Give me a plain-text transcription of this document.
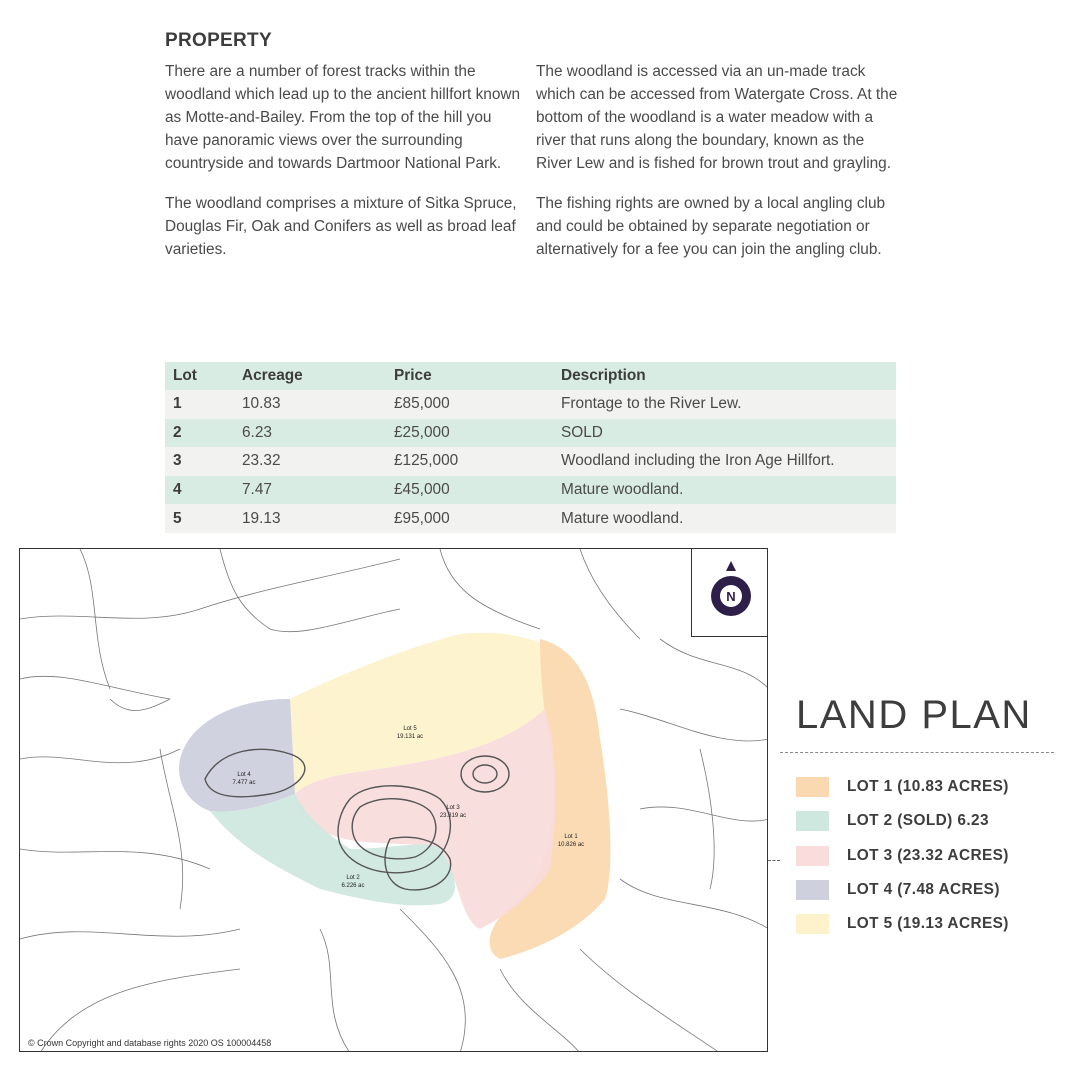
PROPERTY

There are a number of forest tracks within the woodland which lead up to the ancient hillfort known as Motte-and-Bailey. From the top of the hill you have panoramic views over the surrounding countryside and towards Dartmoor National Park.

The woodland comprises a mixture of Sitka Spruce, Douglas Fir, Oak and Conifers as well as broad leaf varieties.

The woodland is accessed via an un-made track which can be accessed from Watergate Cross. At the bottom of the woodland is a water meadow with a river that runs along the boundary, known as the River Lew and is fished for brown trout and grayling.

The fishing rights are owned by a local angling club and could be obtained by separate negotiation or alternatively for a fee you can join the angling club.

Lot	Acreage	Price	Description
1	10.83	£85,000	Frontage to the River Lew.
2	6.23	£25,000	SOLD
3	23.32	£125,000	Woodland including the Iron Age Hillfort.
4	7.47	£45,000	Mature woodland.
5	19.13	£95,000	Mature woodland.
Lot 5
19.131 ac
Lot 4
7.477 ac
Lot 3
23.319 ac
Lot 2
6.226 ac
Lot 1
10.826 ac
N
© Crown Copyright and database rights 2020 OS 100004458
LAND PLAN
LOT 1 (10.83 ACRES)
LOT 2 (SOLD) 6.23
LOT 3 (23.32 ACRES)
LOT 4 (7.48 ACRES)
LOT 5 (19.13 ACRES)
